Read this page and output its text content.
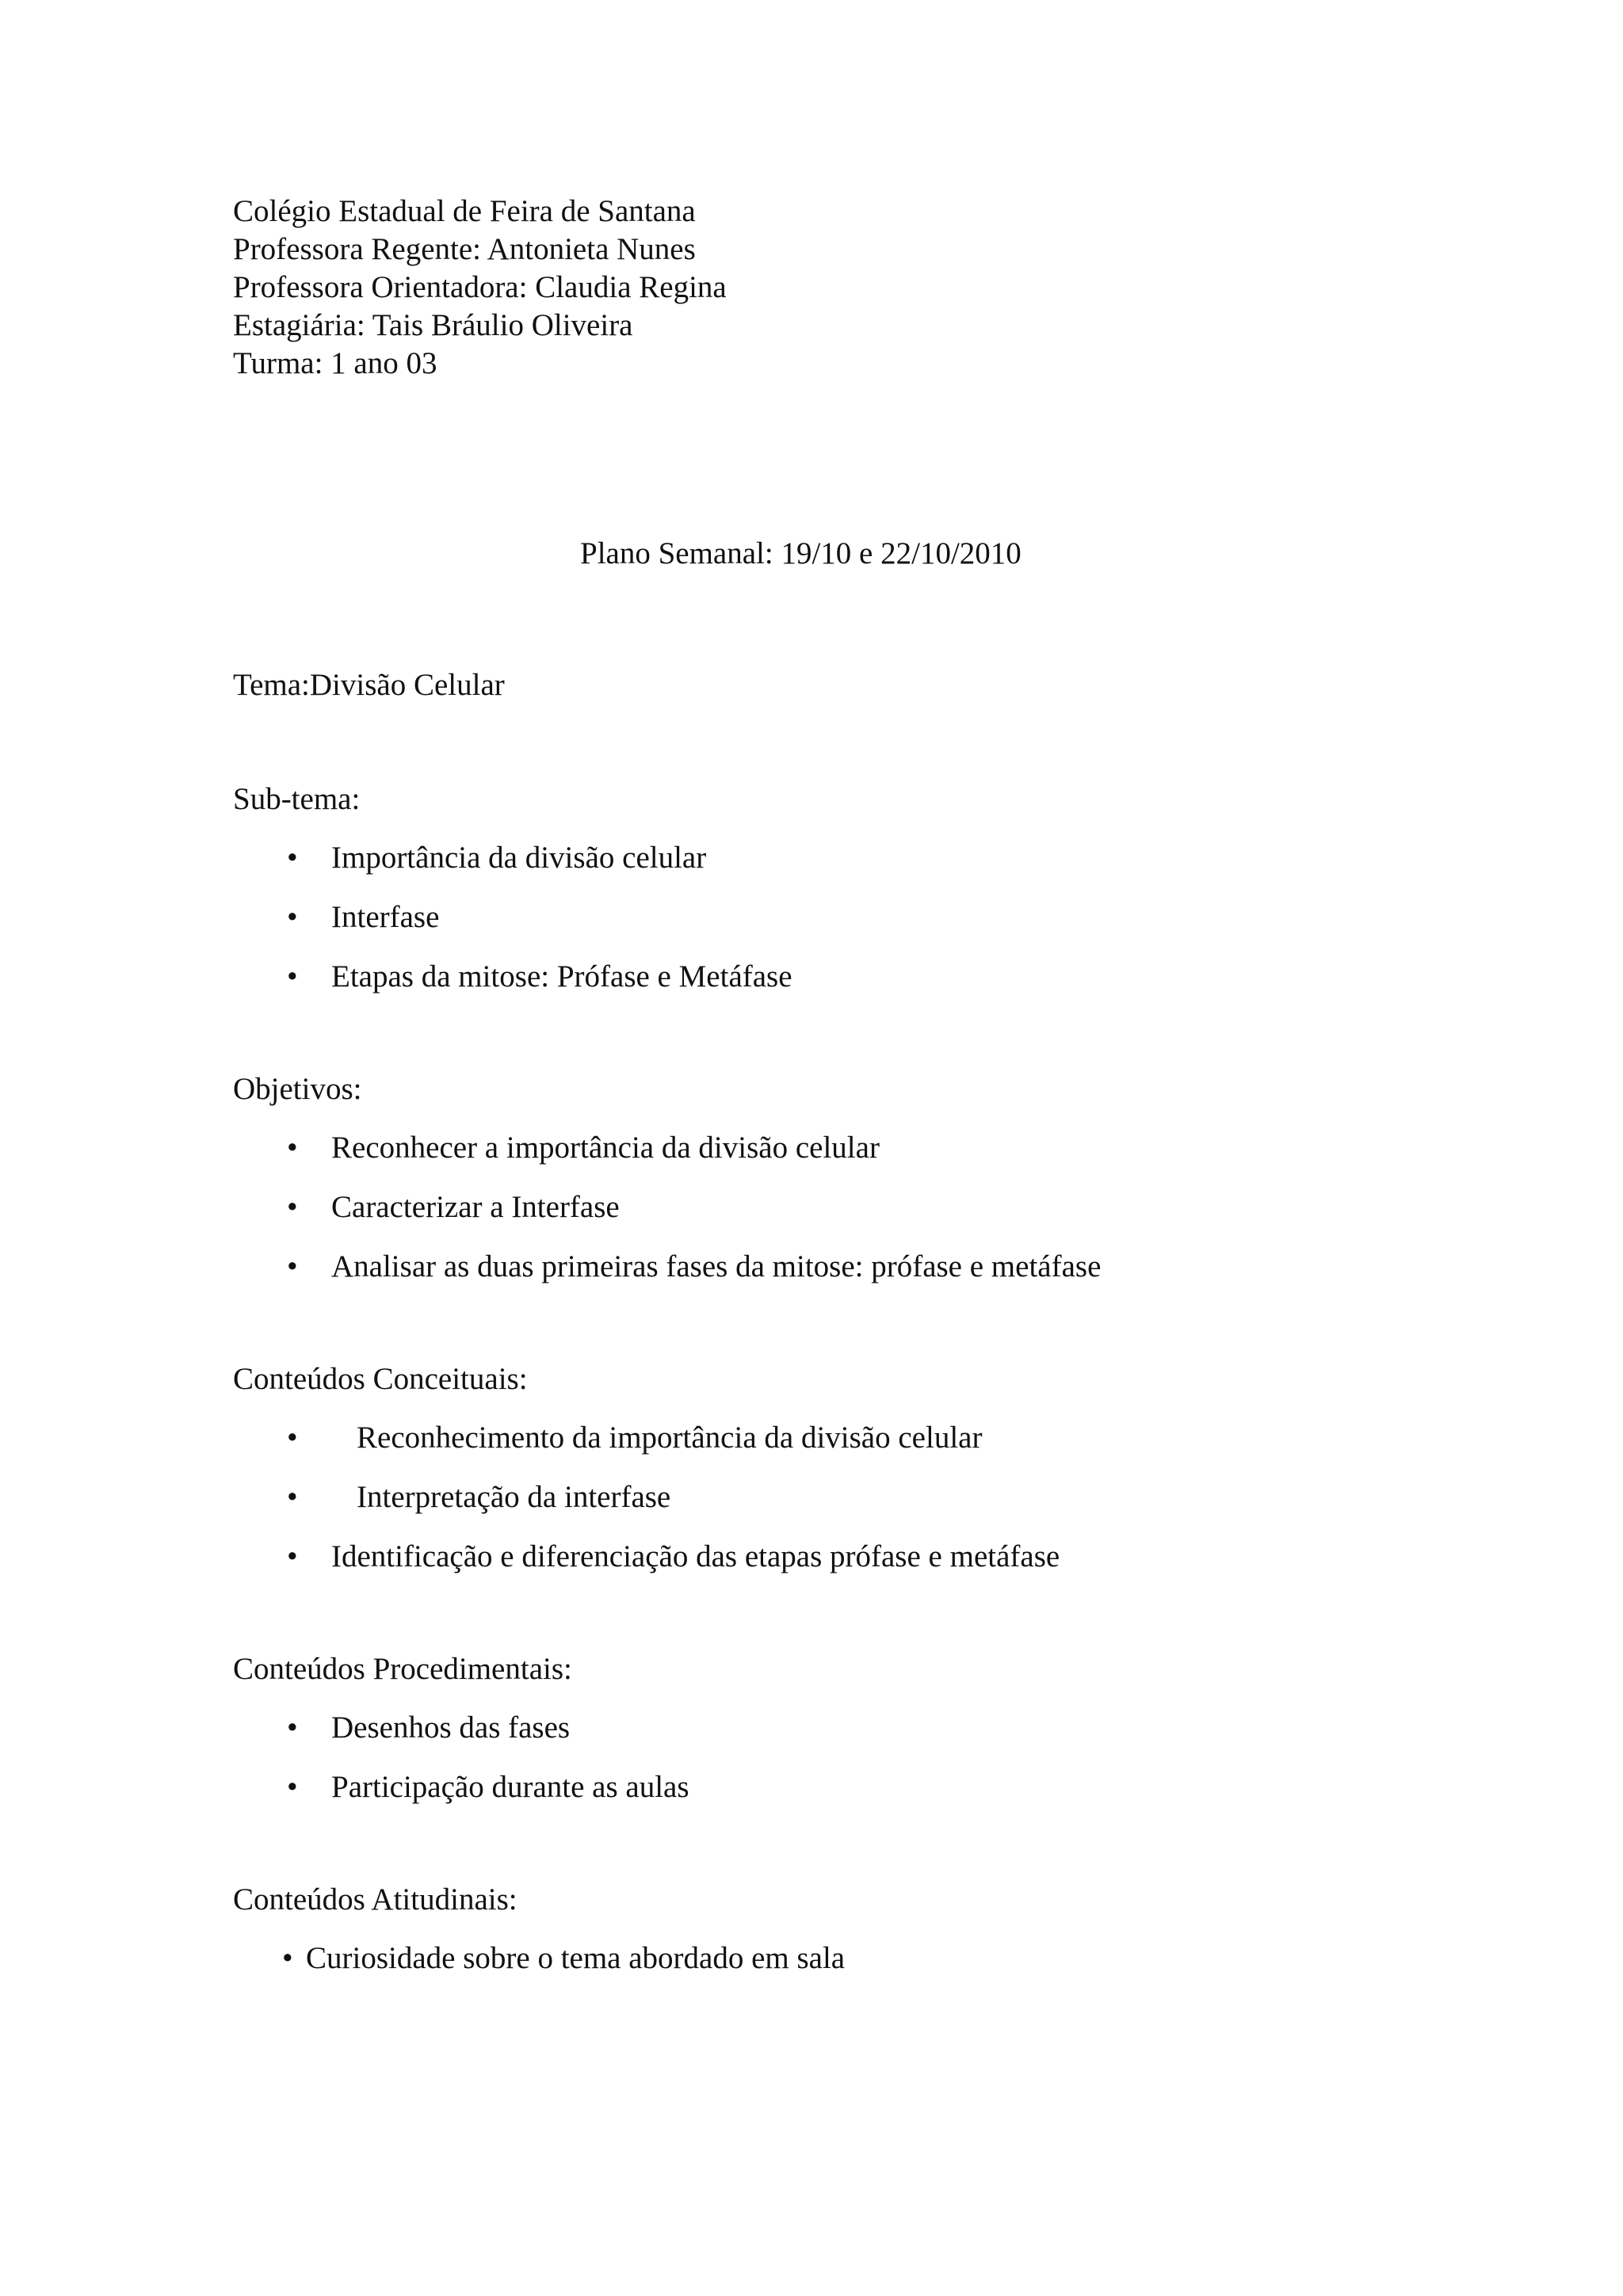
Colégio Estadual de Feira de Santana

Professora Regente: Antonieta Nunes

Professora Orientadora: Claudia Regina

Estagiária: Tais Bráulio Oliveira

Turma: 1 ano 03

Plano Semanal: 19/10 e 22/10/2010

Tema:Divisão Celular

Sub-tema:

• Importância da divisão celular

• Interfase

• Etapas da mitose: Prófase e Metáfase

Objetivos:

• Reconhecer a importância da divisão celular

• Caracterizar a Interfase

• Analisar as duas primeiras fases da mitose: prófase e metáfase

Conteúdos Conceituais:

• Reconhecimento da importância da divisão celular

• Interpretação da interfase

• Identificação e diferenciação das etapas prófase e metáfase

Conteúdos Procedimentais:

• Desenhos das fases

• Participação durante as aulas

Conteúdos Atitudinais:

• Curiosidade sobre o tema abordado em sala
